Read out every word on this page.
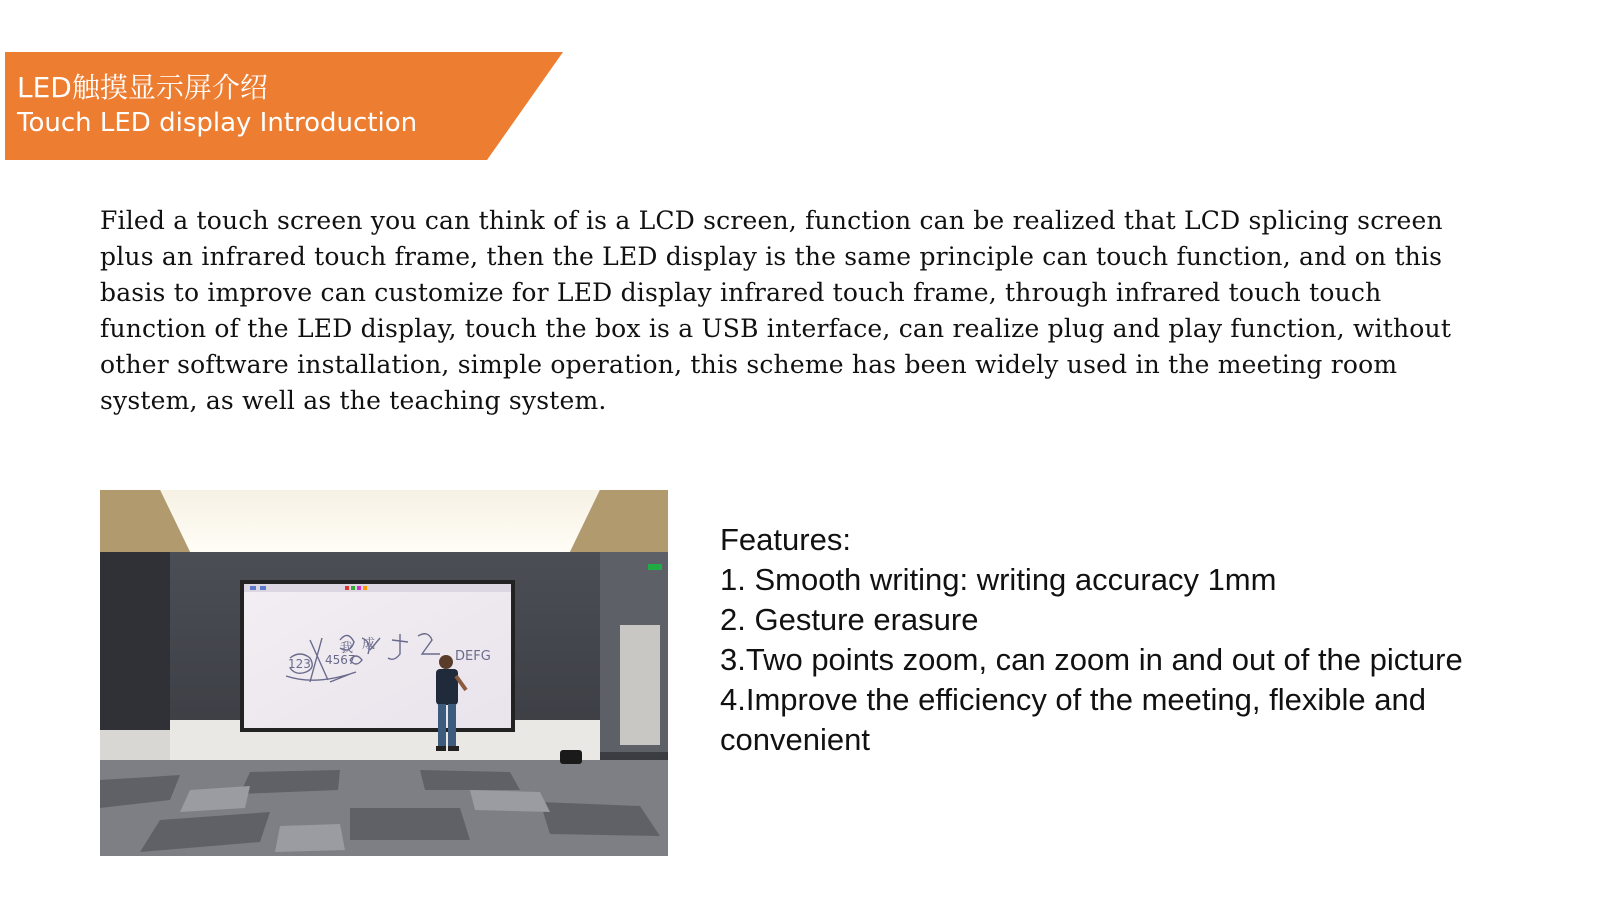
LED触摸显示屏介绍
Touch LED display Introduction

Filed a touch screen you can think of is a LCD screen, function can be realized that LCD splicing screen plus an infrared touch frame, then the LED display is the same principle can touch function, and on this basis to improve can customize for LED display infrared touch frame, through infrared touch touch function of the LED display, touch the box is a USB interface, can realize plug and play function, without other software installation, simple operation, this scheme has been widely used in the meeting room system, as well as the teaching system.

123 4567
我 成
DEFG
Features:
1. Smooth writing: writing accuracy 1mm
2. Gesture erasure
3.Two points zoom, can zoom in and out of the picture
4.Improve the efficiency of the meeting, flexible and convenient
